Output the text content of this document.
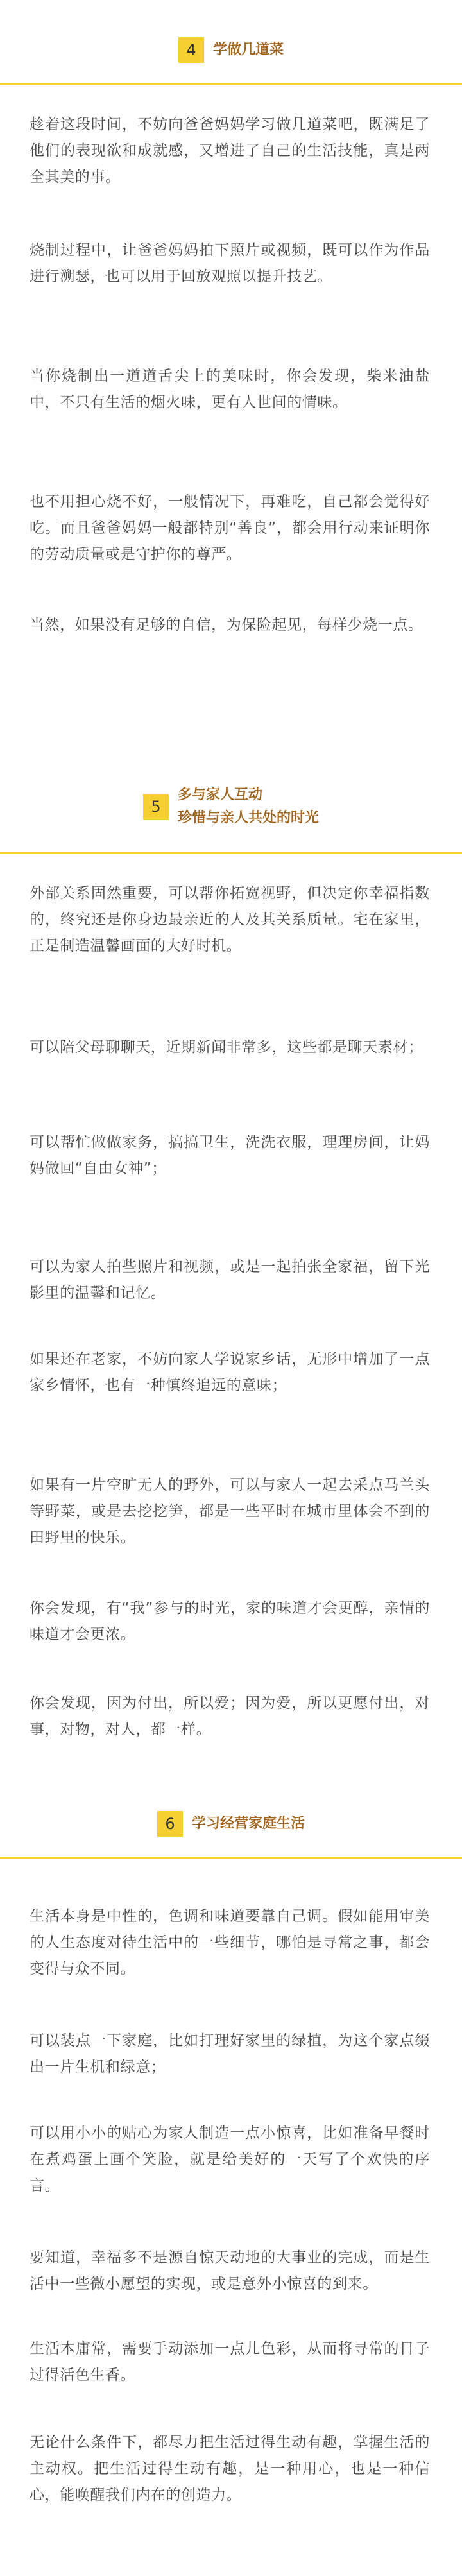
4	学做几道菜

趁着这段时间，不妨向爸爸妈妈学习做几道菜吧，既满足了他们的表现欲和成就感，又增进了自己的生活技能，真是两全其美的事。

烧制过程中，让爸爸妈妈拍下照片或视频，既可以作为作品进行溯瑟，也可以用于回放观照以提升技艺。

当你烧制出一道道舌尖上的美味时，你会发现，柴米油盐中，不只有生活的烟火味，更有人世间的情味。

也不用担心烧不好，一般情况下，再难吃，自己都会觉得好吃。而且爸爸妈妈一般都特别“善良”，都会用行动来证明你的劳动质量或是守护你的尊严。

当然，如果没有足够的自信，为保险起见，每样少烧一点。

5
多与家人互动
珍惜与亲人共处的时光

外部关系固然重要，可以帮你拓宽视野，但决定你幸福指数的，终究还是你身边最亲近的人及其关系质量。宅在家里，正是制造温馨画面的大好时机。

可以陪父母聊聊天，近期新闻非常多，这些都是聊天素材；

可以帮忙做做家务，搞搞卫生，洗洗衣服，理理房间，让妈妈做回“自由女神”；

可以为家人拍些照片和视频，或是一起拍张全家福，留下光影里的温馨和记忆。

如果还在老家，不妨向家人学说家乡话，无形中增加了一点家乡情怀，也有一种慎终追远的意味；

如果有一片空旷无人的野外，可以与家人一起去采点马兰头等野菜，或是去挖挖笋，都是一些平时在城市里体会不到的田野里的快乐。

你会发现，有“我”参与的时光，家的味道才会更醇，亲情的味道才会更浓。

你会发现，因为付出，所以爱；因为爱，所以更愿付出，对事，对物，对人，都一样。

6	学习经营家庭生活

生活本身是中性的，色调和味道要靠自己调。假如能用审美的人生态度对待生活中的一些细节，哪怕是寻常之事，都会变得与众不同。

可以装点一下家庭，比如打理好家里的绿植，为这个家点缀出一片生机和绿意；

可以用小小的贴心为家人制造一点小惊喜，比如准备早餐时在煮鸡蛋上画个笑脸，就是给美好的一天写了个欢快的序言。

要知道，幸福多不是源自惊天动地的大事业的完成，而是生活中一些微小愿望的实现，或是意外小惊喜的到来。

生活本庸常，需要手动添加一点儿色彩，从而将寻常的日子过得活色生香。

无论什么条件下，都尽力把生活过得生动有趣，掌握生活的主动权。把生活过得生动有趣，是一种用心，也是一种信心，能唤醒我们内在的创造力。
